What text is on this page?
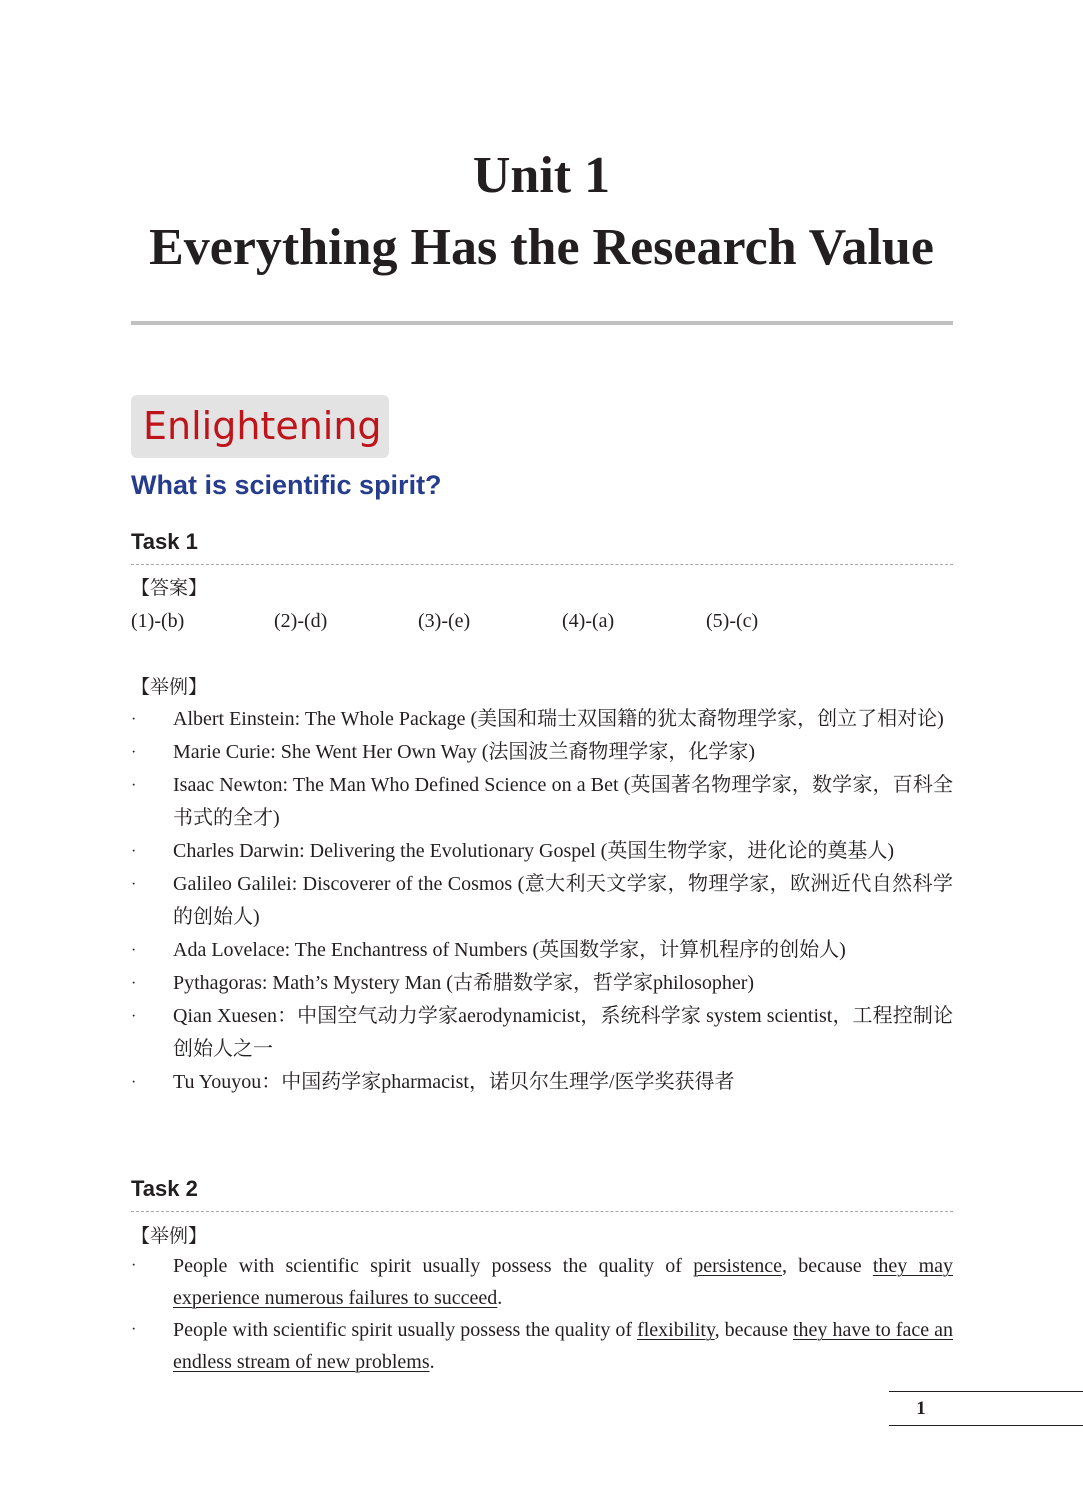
Unit 1
Everything Has the Research Value
Enlightening
What is scientific spirit?
Task 1
【答案】
(1)-(b)	(2)-(d)	(3)-(e)	(4)-(a)	(5)-(c)
【举例】
· Albert Einstein: The Whole Package (美国和瑞士双国籍的犹太裔物理学家，创立了相对论)
· Marie Curie: She Went Her Own Way (法国波兰裔物理学家，化学家)
· Isaac Newton: The Man Who Defined Science on a Bet (英国著名物理学家，数学家，百科全书式的全才)
· Charles Darwin: Delivering the Evolutionary Gospel (英国生物学家，进化论的奠基人)
· Galileo Galilei: Discoverer of the Cosmos (意大利天文学家，物理学家，欧洲近代自然科学的创始人)
· Ada Lovelace: The Enchantress of Numbers (英国数学家，计算机程序的创始人)
· Pythagoras: Math’s Mystery Man (古希腊数学家，哲学家philosopher)
· Qian Xuesen：中国空气动力学家aerodynamicist，系统科学家 system scientist，工程控制论创始人之一
· Tu Youyou：中国药学家pharmacist，诺贝尔生理学/医学奖获得者
Task 2
【举例】
· People with scientific spirit usually possess the quality of persistence, because they may experience numerous failures to succeed.
· People with scientific spirit usually possess the quality of flexibility, because they have to face an endless stream of new problems.
1
